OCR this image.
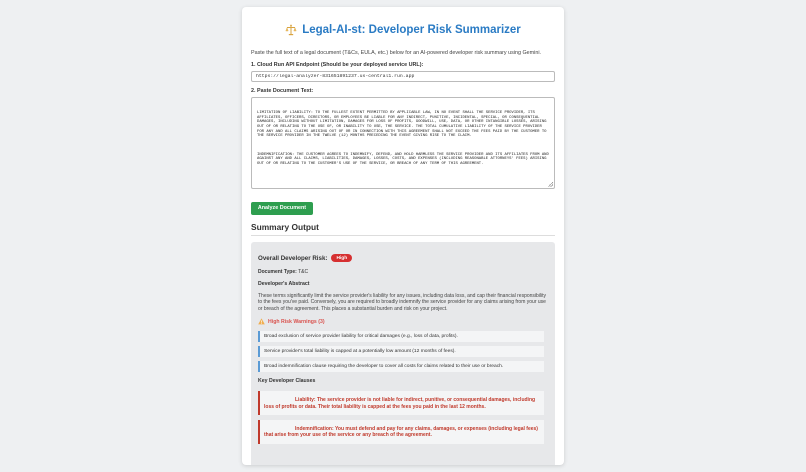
Legal-AI-st: Developer Risk Summarizer
Paste the full text of a legal document (T&Cs, EULA, etc.) below for an AI-powered developer risk summary using Gemini.
1. Cloud Run API Endpoint (Should be your deployed service URL):
https://legal-analyzer-831651891237.us-central1.run.app
2. Paste Document Text:

LIMITATION OF LIABILITY: TO THE FULLEST EXTENT PERMITTED BY APPLICABLE LAW, IN NO EVENT SHALL THE SERVICE PROVIDER, ITS AFFILIATES, OFFICERS, DIRECTORS, OR EMPLOYEES BE LIABLE FOR ANY INDIRECT, PUNITIVE, INCIDENTAL, SPECIAL, OR CONSEQUENTIAL DAMAGES, INCLUDING WITHOUT LIMITATION, DAMAGES FOR LOSS OF PROFITS, GOODWILL, USE, DATA, OR OTHER INTANGIBLE LOSSES, ARISING OUT OF OR RELATING TO THE USE OF, OR INABILITY TO USE, THE SERVICE. THE TOTAL CUMULATIVE LIABILITY OF THE SERVICE PROVIDER FOR ANY AND ALL CLAIMS ARISING OUT OF OR IN CONNECTION WITH THIS AGREEMENT SHALL NOT EXCEED THE FEES PAID BY THE CUSTOMER TO THE SERVICE PROVIDER IN THE TWELVE (12) MONTHS PRECEDING THE EVENT GIVING RISE TO THE CLAIM.

INDEMNIFICATION: THE CUSTOMER AGREES TO INDEMNIFY, DEFEND, AND HOLD HARMLESS THE SERVICE PROVIDER AND ITS AFFILIATES FROM AND AGAINST ANY AND ALL CLAIMS, LIABILITIES, DAMAGES, LOSSES, COSTS, AND EXPENSES (INCLUDING REASONABLE ATTORNEYS' FEES) ARISING OUT OF OR RELATING TO THE CUSTOMER'S USE OF THE SERVICE, OR BREACH OF ANY TERM OF THIS AGREEMENT.

Analyze Document
Summary Output
Overall Developer Risk:	High
Document Type: T&C
Developer's Abstract
These terms significantly limit the service provider's liability for any issues, including data loss, and cap their financial responsibility to the fees you've paid. Conversely, you are required to broadly indemnify the service provider for any claims arising from your use or breach of the agreement. This places a substantial burden and risk on your project.
High Risk Warnings (3)
Broad exclusion of service provider liability for critical damages (e.g., loss of data, profits).
Service provider's total liability is capped at a potentially low amount (12 months of fees).
Broad indemnification clause requiring the developer to cover all costs for claims related to their use or breach.
Key Developer Clauses
Liability: The service provider is not liable for indirect, punitive, or consequential damages, including loss of profits or data. Their total liability is capped at the fees you paid in the last 12 months.
Indemnification: You must defend and pay for any claims, damages, or expenses (including legal fees) that arise from your use of the service or any breach of the agreement.
